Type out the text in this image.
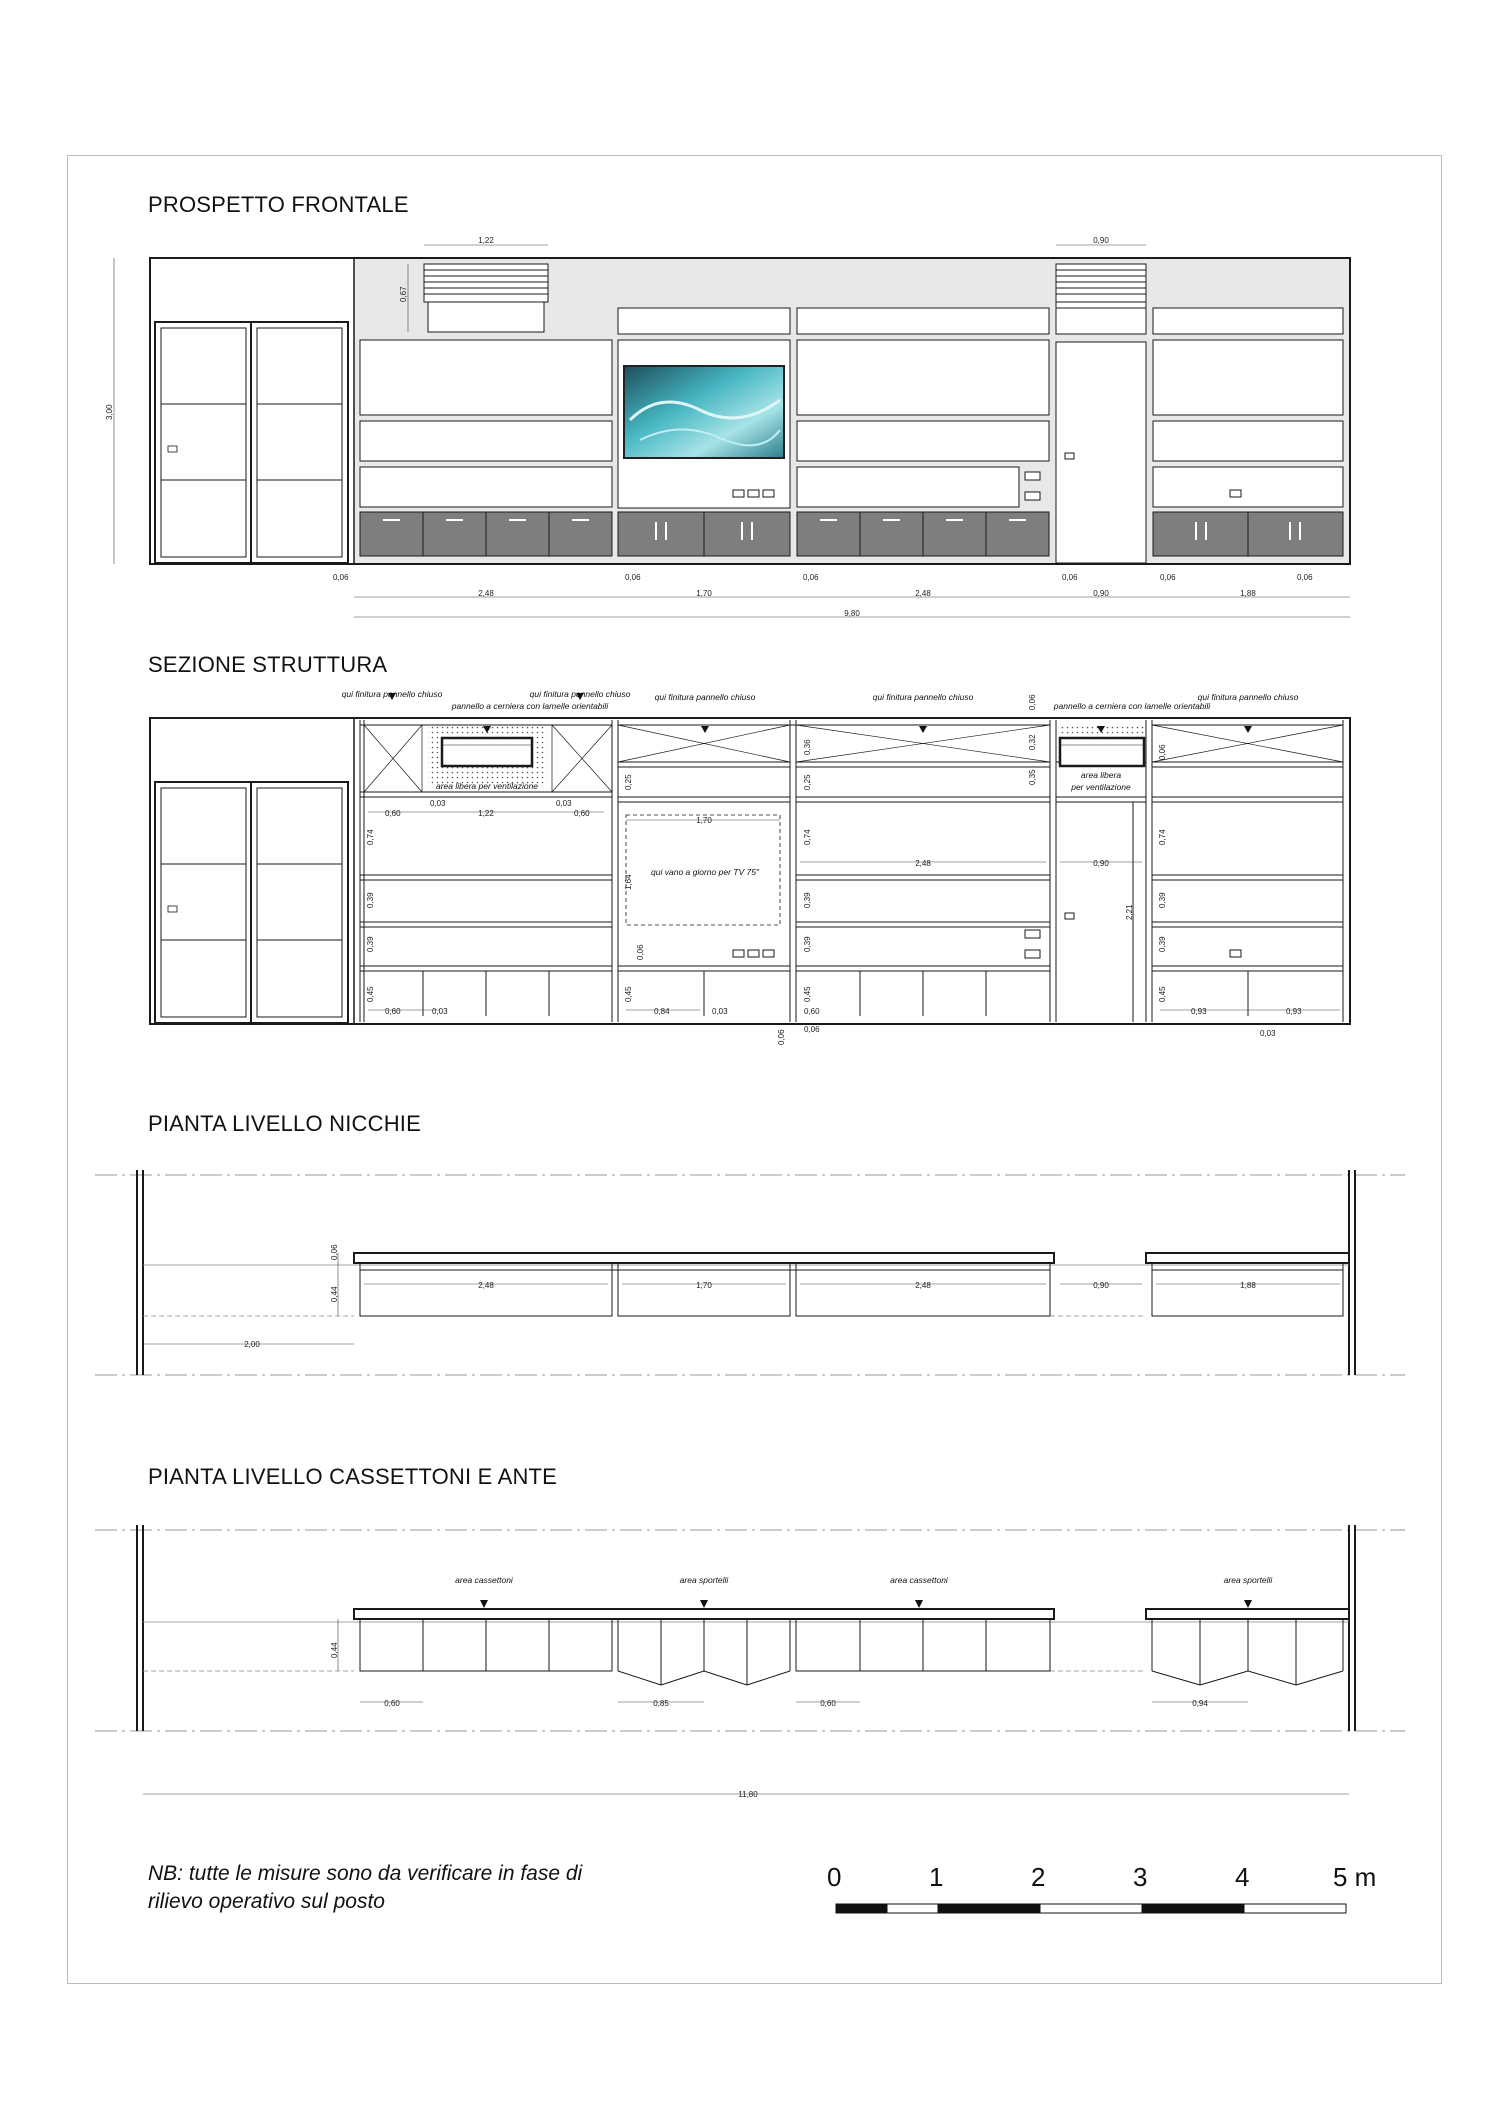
PROSPETTO FRONTALE
SEZIONE STRUTTURA
PIANTA LIVELLO NICCHIE
PIANTA LIVELLO CASSETTONI E ANTE
1,22	0,90
0,67
3,00
0,06	0,06	0,06	0,06	0,06	0,06
2,48	1,70	2,48	0,90	1,88
9,80
qui finitura pannello chiuso	qui finitura pannello chiuso
pannello a cerniera con lamelle orientabili
qui finitura pannello chiuso	qui finitura pannello chiuso
pannello a cerniera con lamelle orientabili
qui finitura pannello chiuso
area libera per ventilazione
area libera
per ventilazione
qui vano a giorno per TV 75"
0,03	0,03
0,60	1,22	0,60
1,70
2,48	0,90
0,60	0,03	0,84	0,03	0,60	0,93	0,93
0,03
0,06
0,74
0,39
0,39
0,45
0,25
1,64
0,06
0,45
0,25
0,36
0,74
0,39
0,39
0,45
0,06
0,32
0,35
2,21
0,06
0,74
0,39
0,39
0,45
0,06
0,06
0,44
2,48	1,70	2,48	0,90	1,88
2,00
area cassettoni	area sportelli	area cassettoni	area sportelli
0,44
0,60	0,85	0,60	0,94
11,80
NB: tutte le misure sono da verificare in fase di
rilievo operativo sul posto
0	1	2	3	4	5 m
